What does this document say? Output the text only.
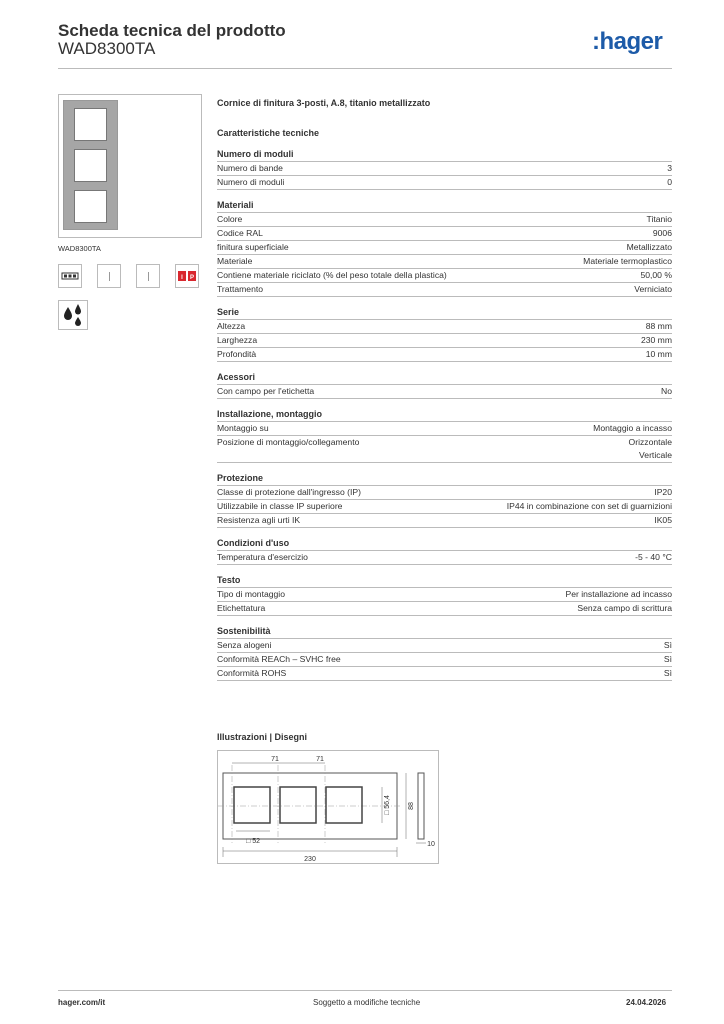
Scheda tecnica del prodotto
WAD8300TA	:hager
WAD8300TA
I P
Cornice di finitura 3-posti, A.8, titanio metallizzato
Caratteristiche tecniche
Numero di moduli
Numero di bande	3
Numero di moduli	0
Materiali
Colore	Titanio
Codice RAL	9006
finitura superficiale	Metallizzato
Materiale	Materiale termoplastico
Contiene materiale riciclato (% del peso totale della plastica)	50,00 %
Trattamento	Verniciato
Serie
Altezza	88 mm
Larghezza	230 mm
Profondità	10 mm
Acessori
Con campo per l'etichetta	No
Installazione, montaggio
Montaggio su	Montaggio a incasso
Posizione di montaggio/collegamento	Orizzontale
Verticale
Protezione
Classe di protezione dall'ingresso (IP)	IP20
Utilizzabile in classe IP superiore	IP44 in combinazione con set di guarnizioni
Resistenza agli urti IK	IK05
Condizioni d'uso
Temperatura d'esercizio	-5 - 40 °C
Testo
Tipo di montaggio	Per installazione ad incasso
Etichettatura	Senza campo di scrittura
Sostenibilità
Senza alogeni	Sì
Conformità REACh – SVHC free	Sì
Conformità ROHS	Sì
Illustrazioni | Disegni
71	71
230
□ 52
□ 56,4 88
10
hager.com/it	Soggetto a modifiche tecniche	24.04.2026
